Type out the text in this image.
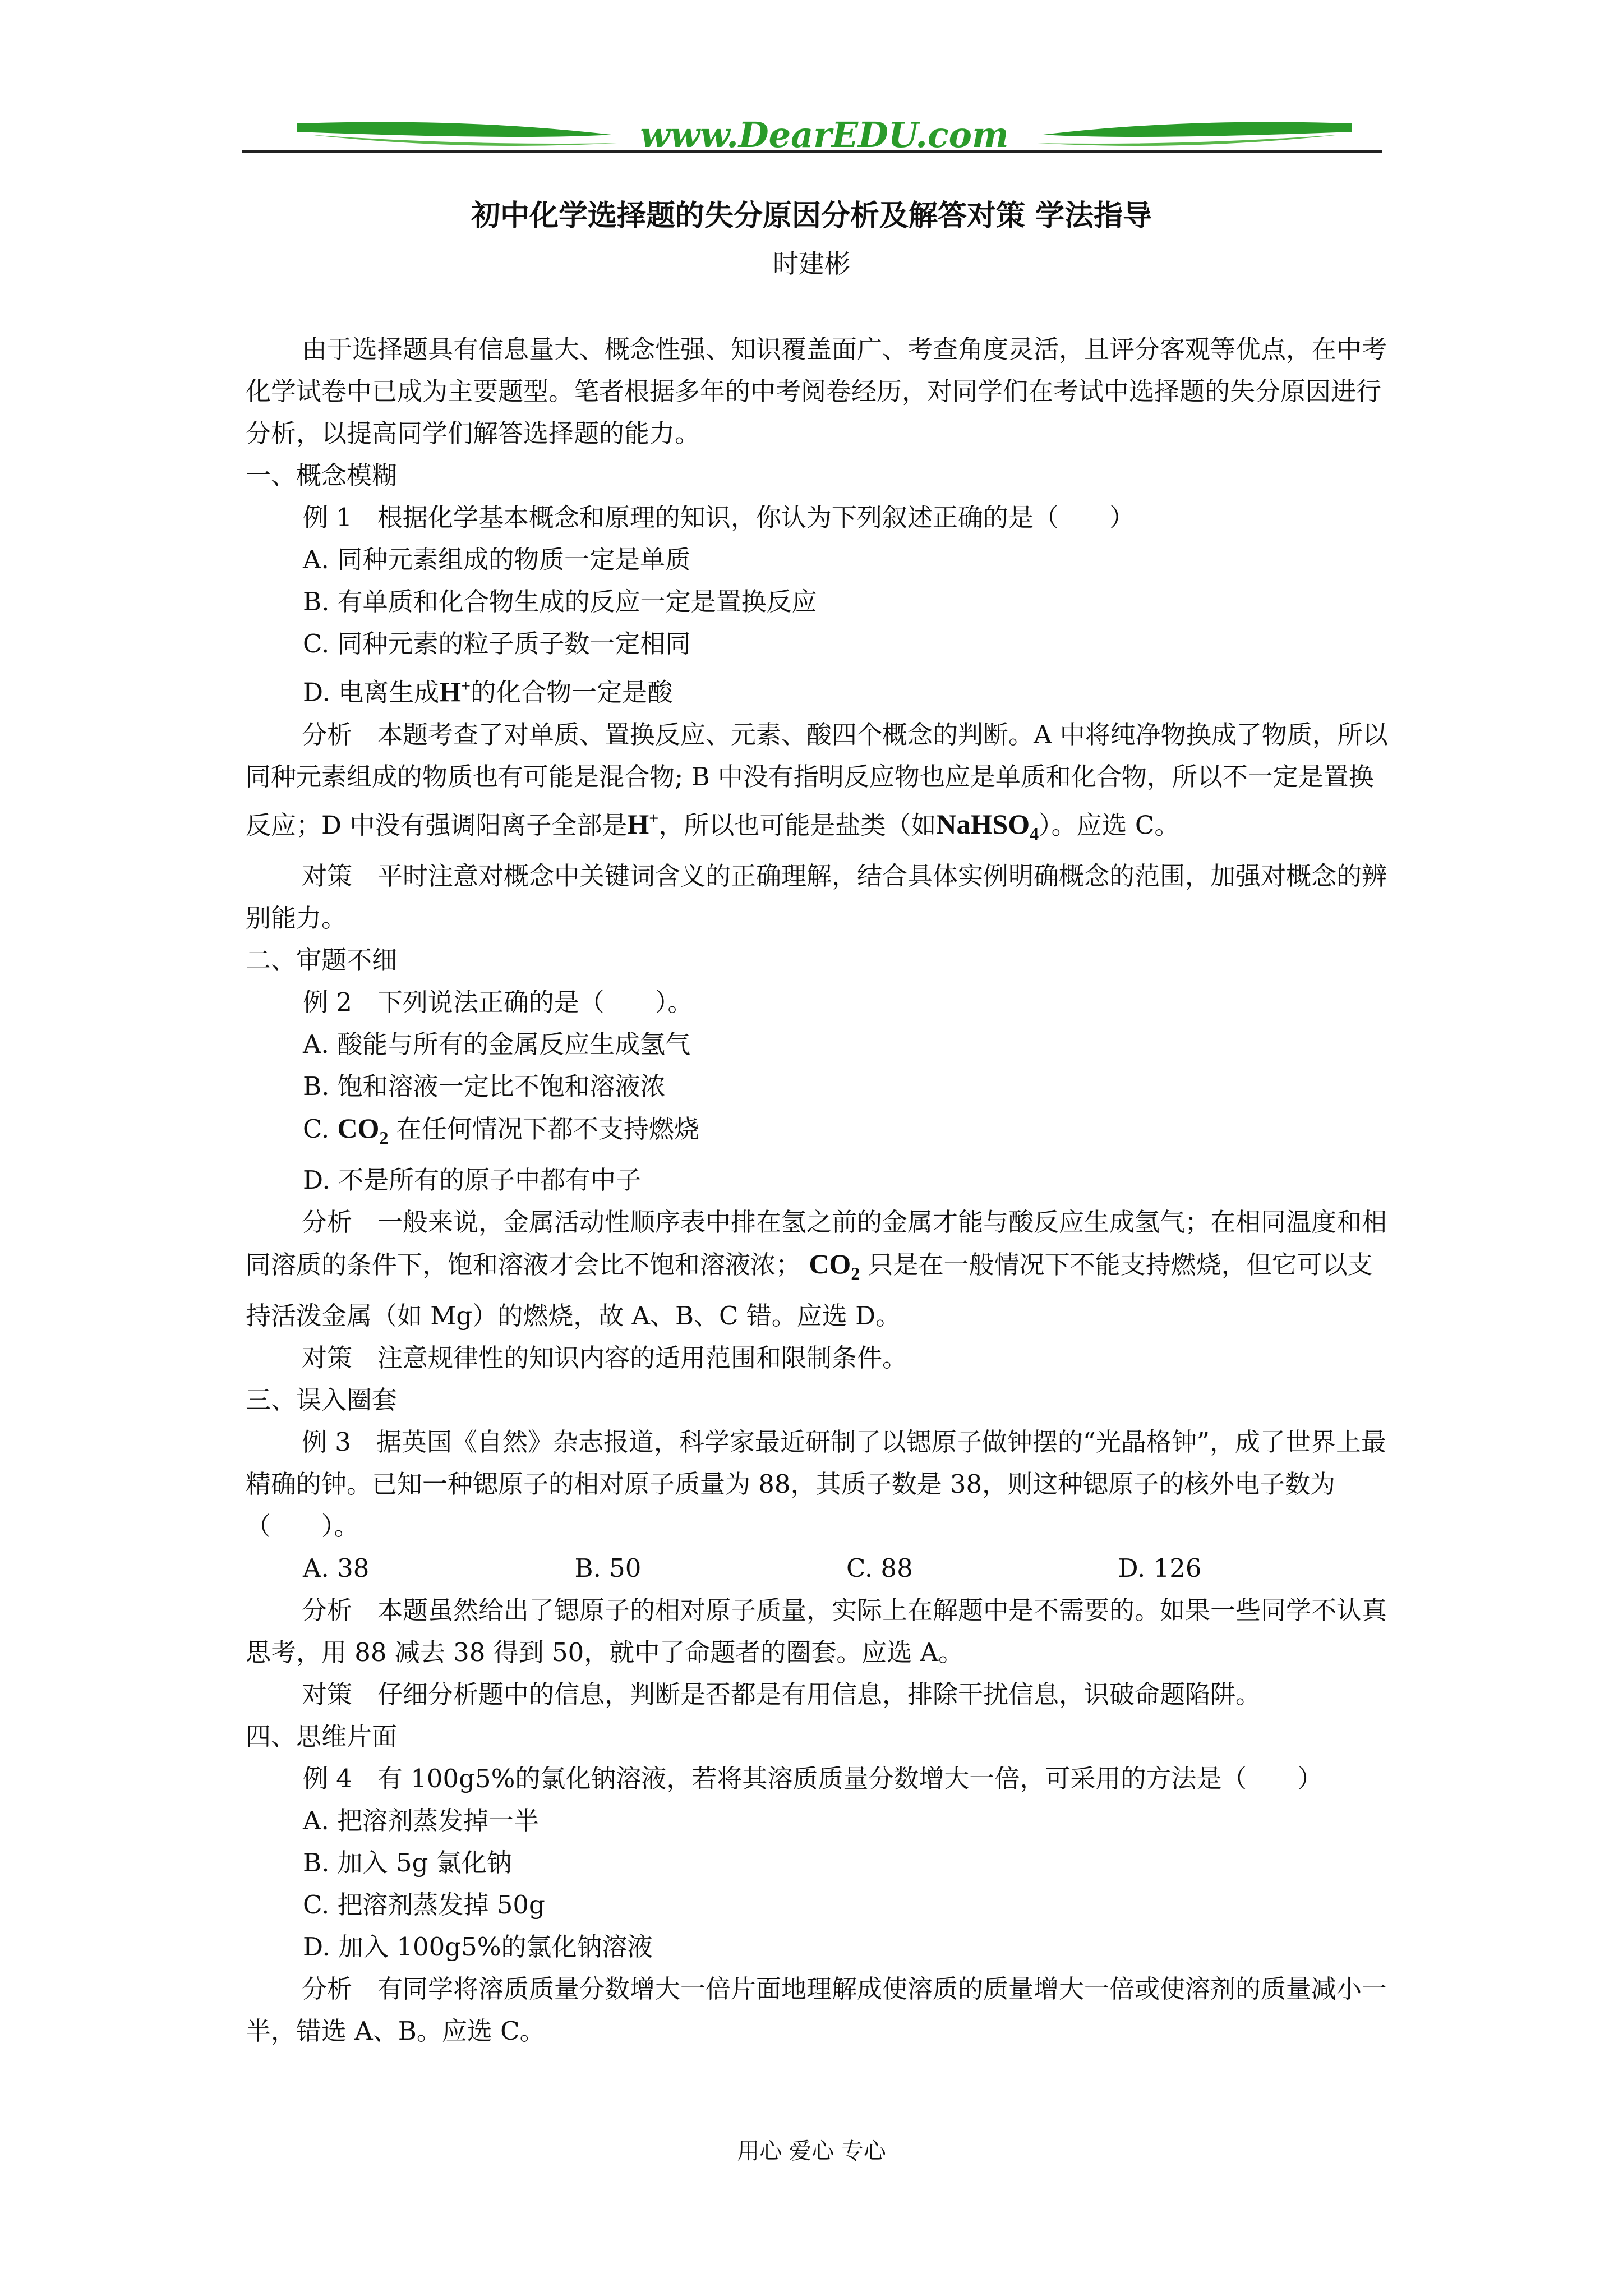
www.DearEDU.com
初中化学选择题的失分原因分析及解答对策 学法指导
时建彬

由于选择题具有信息量大、概念性强、知识覆盖面广、考查角度灵活，且评分客观等优点，在中考化学试卷中已成为主要题型。笔者根据多年的中考阅卷经历，对同学们在考试中选择题的失分原因进行分析，以提高同学们解答选择题的能力。

一、概念模糊

例 1　根据化学基本概念和原理的知识，你认为下列叙述正确的是（　　）

A. 同种元素组成的物质一定是单质

B. 有单质和化合物生成的反应一定是置换反应

C. 同种元素的粒子质子数一定相同

D. 电离生成H+的化合物一定是酸

分析　本题考查了对单质、置换反应、元素、酸四个概念的判断。A 中将纯净物换成了物质，所以同种元素组成的物质也有可能是混合物; B 中没有指明反应物也应是单质和化合物，所以不一定是置换反应；D 中没有强调阳离子全部是H+，所以也可能是盐类（如NaHSO$_4$）。应选 C。

对策　平时注意对概念中关键词含义的正确理解，结合具体实例明确概念的范围，加强对概念的辨别能力。

二、审题不细

例 2　下列说法正确的是（　　）。

A. 酸能与所有的金属反应生成氢气

B. 饱和溶液一定比不饱和溶液浓

C. $CO_2$ 在任何情况下都不支持燃烧

D. 不是所有的原子中都有中子

分析　一般来说，金属活动性顺序表中排在氢之前的金属才能与酸反应生成氢气；在相同温度和相同溶质的条件下，饱和溶液才会比不饱和溶液浓； $CO_2$ 只是在一般情况下不能支持燃烧，但它可以支持活泼金属（如 Mg）的燃烧，故 A、B、C 错。应选 D。

对策　注意规律性的知识内容的适用范围和限制条件。

三、误入圈套

例 3　据英国《自然》杂志报道，科学家最近研制了以锶原子做钟摆的“光晶格钟”，成了世界上最精确的钟。已知一种锶原子的相对原子质量为 88，其质子数是 38，则这种锶原子的核外电子数为（　　）。

A. 38	B. 50	C. 88	D. 126

分析　本题虽然给出了锶原子的相对原子质量，实际上在解题中是不需要的。如果一些同学不认真思考，用 88 减去 38 得到 50，就中了命题者的圈套。应选 A。

对策　仔细分析题中的信息，判断是否都是有用信息，排除干扰信息，识破命题陷阱。

四、思维片面

例 4　有 100g5%的氯化钠溶液，若将其溶质质量分数增大一倍，可采用的方法是（　　）

A. 把溶剂蒸发掉一半

B. 加入 5g 氯化钠

C. 把溶剂蒸发掉 50g

D. 加入 100g5%的氯化钠溶液

分析　有同学将溶质质量分数增大一倍片面地理解成使溶质的质量增大一倍或使溶剂的质量减小一半，错选 A、B。应选 C。

用心 爱心 专心
